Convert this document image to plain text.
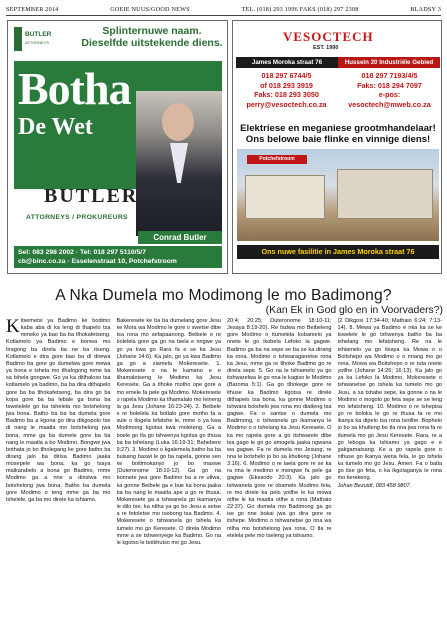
SEPTEMBER 2014	GOEIE NUUS/GOOD NEWS	TEL. (018) 293 1996 FAKS (018) 297 2308	BLADSY 3
BUTLER
ATTORNEYS
Splinternuwe naam. Dieselfde uitstekende diens.
Botha
De Wet
BUTLER
ATTORNEYS / PROKUREURS
Conrad Butler
Sel: 083 298 2002 · Tel: 018 297 5110/5/7
cb@binc.co.za · Esselenstraat 10, Potchefstroom
VESOCTECH
EST. 1990
James Moroka straat 76	Hussein 20 Industriële Gebied
018 297 6744/5
of 018 293 3919
Faks: 018 293 3050
perry@vesoctech.co.za
018 297 7193/4/5
Faks: 018 294 7097
e-pos:
vesoctech@mweb.co.za
Elektriese en meganiese grootmhandelaar! Ons belowe baie flinke en vinnige diens!
Potchefstroom
Ons nuwe fasilitie in James Moroka straat 76
A Nka Dumela mo Modimong le mo Badimong?
(Kan Ek in God glo en in Voorvaders?)
Kitsemetsi ya Badimo ke bodimo kaba aba di ka leng di thapelo tsa mmeko ya bao ba ba tlhokafetseng. Kotlamelo ya Badimo e bonwa mo tiragong ba direla ba ne ba itseng. Kotlamelo e dira gore bao ba di direwa Badimo ba gore go dumelwa gore mewa ya bona e tshela mo tlhalogong mme ba sa tshela gongwe. Go ya ka ditlhaloso tsa kotlamelo ya badimo, ba ba dira dithapelo gore ba ba tlhokafetseng, ba dira go ba kopa gore ba ba lebale ga bona ba tswelelele go ba tshelela mo botshelong jwa bona. Batho ba ba ba dumela gore Badimo ba a kgona go dira dikgopolo tse di nang le maatla mo botshelong jwa bona, mme ga ba dumele gore ba ba nang le maatla a bo Modimo. Bongwe jwa bothata jo bo tlholegang ke gore batho ba dirang jalo ba dirisa Badimo jaaka mosepele wa bona, ka go tsaya maikarabelo a bona go Badimo, mme Modimo ga a nne a dirisiwa mo botshelong jwa bona. Batho ba dumela gore Modimo o teng mme ga ba mo tshelele, ga ba mo direle ka tshiamo.

Bakeresete ke ba ba dumelang gore Jesu ke Mora wa Modimo le gore o swetse dibe tsa rona mo sefapaanong. Beibele e re bolelela gore ga go na tsela e nngwe ya go ya kwa go Rara fa e se ka Jesu (Johane 14:6). Ka jalo, go ya kwa Badimo ga go a siamela Mokeresete. 1. Mokeresete o na le kamano e e tlhamaletseng le Modimo ka Jesu Keresete. Ga a tlhoke motho ope gore a mo emele fa pele ga Modimo. Mokeresete o rapela Modimo ka tlhamalalo mo leineng la ga Jesu (Johane 16:23-24). 2. Beibele e re bolelela ka botlalo gore motho fa a sule o tlogela lefatshe le, mme o ya kwa Modimong kgotsa kwa moleteng. Ga a boele go tla go tshwenya kgotsa go thusa ba ba tshelang (Luka 16:19-31; Bahebere 9:27). 3. Modimo o kgalemela batho ba ba buisang baswi le go ba rapela, gonne seo ke boitimokanyo jo bo maswe (Duteronome 18:10-12). Ga go na bonnete jwa gore Badimo ba a re utlwa, ka gonne Beibele ga e bue ka bona jaaka ba ba nang le maatla ape a go re thusa. Mokeresete ga a tshwanela go ikamanya le dilo tse, ka ntlha ya go bo Jesu a setse a re fetoletse mo tsebong tsa Badimo. 4. Mokeresete o tshwanela go tshela ka tumelo mo go Keresete. O direla Modimo mme a se tshwenyege ka Badimo. Go na le kgotso le boikhutso mo go Jesu.

20:4; 20:25; Duteronome 18:10-11; Jesaya 8:19-20). Re fadwa mo Beibeleng gore Modimo o itumelela kobamelo ya nnete le go ikobela Lefoko la gagwe. Badimo ga ba na sepe se ba se ka dirang ka rona. Modimo o tshwaraganetse rona ka Jesu, mme ga re tlhoke Badimo go re direla sepe. 5. Go na le tshiamelo ya go itshwarelwa le go nna le kagiso le Modimo (Baroma 5:1). Ga go tlhokege gore re ithuse ka Badimo kgotsa re direle dithapelo tsa bona, ka gonne Modimo o tshwara botshelo jwa rona mo diatleng tsa gagwe. Fa o santse o dumela mo Badimong, o tshwanela go ikamanya le Modimo o o tshelang ka Jesu Keresete. O ka mo rapela gore a go itshwarele dibe tsa gago le go go amogela jaaka ngwana wa gagwe. Fa re dumela mo Jesung, re nna le botshelo jo bo sa khutleng (Johane 3:16). 6. Modimo o re laela gore re se ka ra nna le medimo e mengwe fa pele ga gagwe (Ekesodo 20:3). Ka jalo go tshwanela gore re obamele Modimo fela, re mo direle ka pelo yotlhe le ka mowa otlhe le ka maatla otlhe a rona (Mathaio 22:37). Go dumela mo Badimong ga go ise go nne bokai jwa go dira gore re itshepe. Modimo o tshwanetse go nna wa ntlha mo botshelong jwa rona. O tla re etelela pele mo tseleng ya tshiamo.

(2 Dikgosi 17:34-40; Mathaio 6:24; 7:13-14). 8. Mewa ya Badimo e nka ka se ke tswelele le go tshwenya batho ba ba tshelang mo lefatsheng. Re na le tshiamelo ya go itsaya ka Mowa o o Boitshepo wa Modimo o o nnang mo go rona. Mowa wa Boitshepo o re ruta nnete yotlhe (Johane 14:26; 16:13). Ka jalo go ya ka Lefoko la Modimo, Mokeresete o tshwanetse go tshela ka tumelo mo go Jesu, a sa tshabe sepe, ka gonne o na le Modimo o mogolo go feta sepe se se leng mo lefatsheng. 10. Modimo o re tshepisa go re boloka le go re thusa fa re mo ikanya ka dipelo tsa rona tsotlhe. Bophelo jo bo sa khutleng bo tla nna jwa rona fa re dumela mo go Jesu Keresete. Rara, re a go leboga ka tshiamo ya gago e e gakgamatsang. Ke a go rapela gore o nthuse go ikanya wena fela, le go tshela ka tumelo mo go Jesu. Amen. Fa o batla go itse go feta, o ka ikgolaganya le rona mo kerekeng.

Johan Bezuidt, 083 458 9807.
